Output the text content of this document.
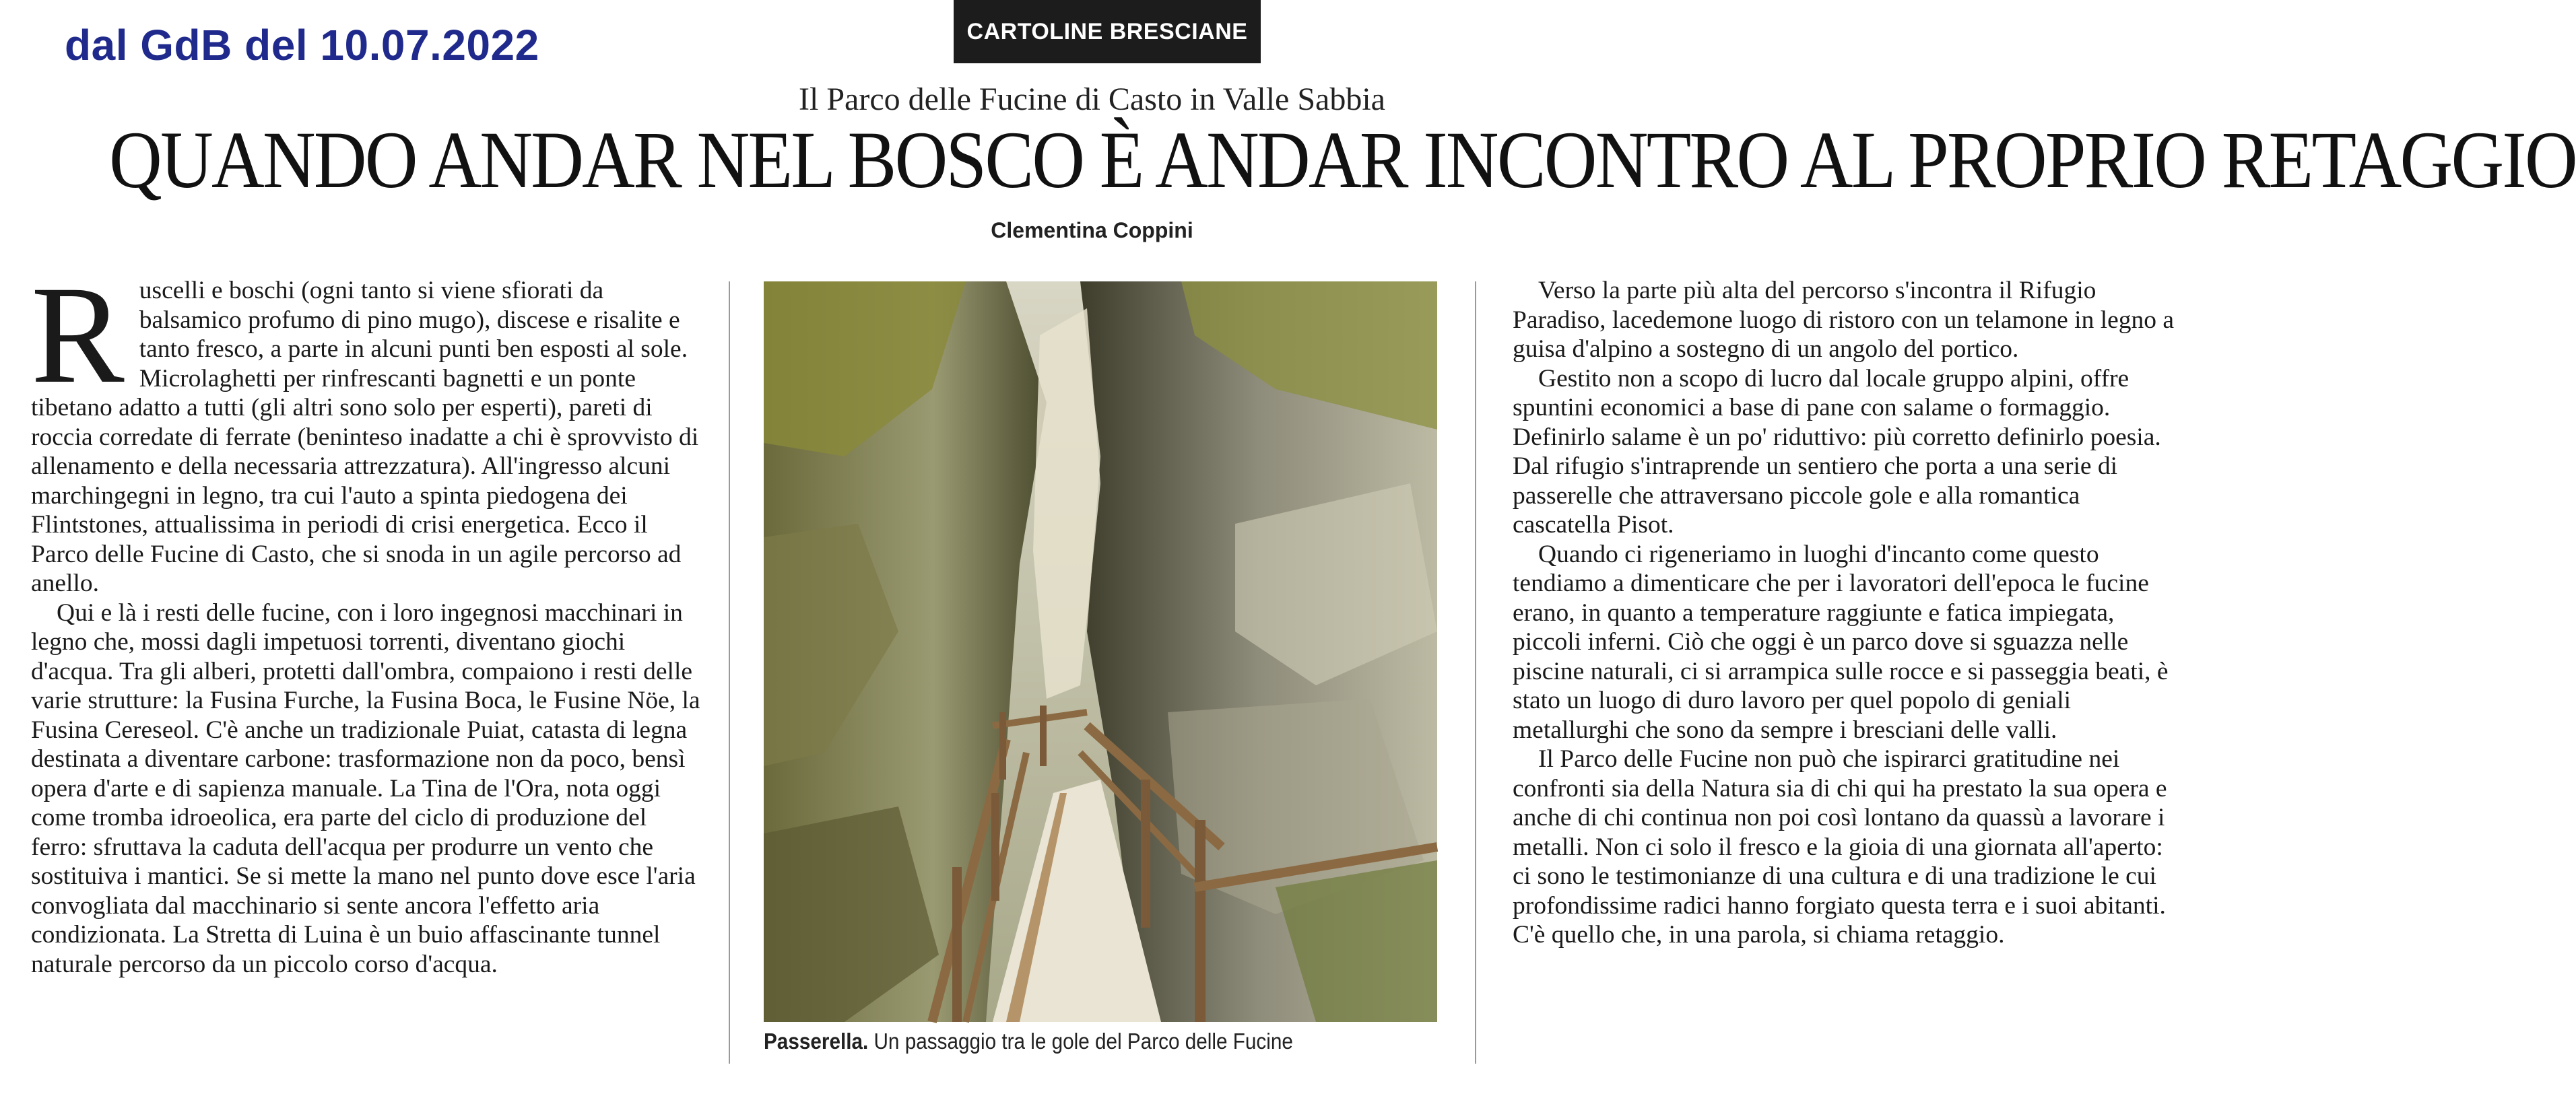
dal GdB del 10.07.2022	CARTOLINE BRESCIANE
Il Parco delle Fucine di Casto in Valle Sabbia
QUANDO ANDAR NEL BOSCO È ANDAR INCONTRO AL PROPRIO RETAGGIO
Clementina Coppini
R uscelli e boschi (ogni tanto si viene sfiorati da balsamico profumo di pino mugo), discese e risalite e tanto fresco, a parte in alcuni punti ben esposti al sole. Microlaghetti per rinfrescanti bagnetti e un ponte tibetano adatto a tutti (gli altri sono solo per esperti), pareti di roccia corredate di ferrate (beninteso inadatte a chi è sprovvisto di allenamento e della necessaria attrezzatura). All'ingresso alcuni marchingegni in legno, tra cui l'auto a spinta piedogena dei Flintstones, attualissima in periodi di crisi energetica. Ecco il Parco delle Fucine di Casto, che si snoda in un agile percorso ad anello.

Qui e là i resti delle fucine, con i loro ingegnosi macchinari in legno che, mossi dagli impetuosi torrenti, diventano giochi d'acqua. Tra gli alberi, protetti dall'ombra, compaiono i resti delle varie strutture: la Fusina Furche, la Fusina Boca, le Fusine Nöe, la Fusina Cereseol. C'è anche un tradizionale Puiat, catasta di legna destinata a diventare carbone: trasformazione non da poco, bensì opera d'arte e di sapienza manuale. La Tina de l'Ora, nota oggi come tromba idroeolica, era parte del ciclo di produzione del ferro: sfruttava la caduta dell'acqua per produrre un vento che sostituiva i mantici. Se si mette la mano nel punto dove esce l'aria convogliata dal macchinario si sente ancora l'effetto aria condizionata. La Stretta di Luina è un buio affascinante tunnel naturale percorso da un piccolo corso d'acqua.

Passerella. Un passaggio tra le gole del Parco delle Fucine

Verso la parte più alta del percorso s'incontra il Rifugio Paradiso, lacedemone luogo di ristoro con un telamone in legno a guisa d'alpino a sostegno di un angolo del portico.

Gestito non a scopo di lucro dal locale gruppo alpini, offre spuntini economici a base di pane con salame o formaggio. Definirlo salame è un po' riduttivo: più corretto definirlo poesia. Dal rifugio s'intraprende un sentiero che porta a una serie di passerelle che attraversano piccole gole e alla romantica cascatella Pisot.

Quando ci rigeneriamo in luoghi d'incanto come questo tendiamo a dimenticare che per i lavoratori dell'epoca le fucine erano, in quanto a temperature raggiunte e fatica impiegata, piccoli inferni. Ciò che oggi è un parco dove si sguazza nelle piscine naturali, ci si arrampica sulle rocce e si passeggia beati, è stato un luogo di duro lavoro per quel popolo di geniali metallurghi che sono da sempre i bresciani delle valli.

Il Parco delle Fucine non può che ispirarci gratitudine nei confronti sia della Natura sia di chi qui ha prestato la sua opera e anche di chi continua non poi così lontano da quassù a lavorare i metalli. Non ci solo il fresco e la gioia di una giornata all'aperto: ci sono le testimonianze di una cultura e di una tradizione le cui profondissime radici hanno forgiato questa terra e i suoi abitanti. C'è quello che, in una parola, si chiama retaggio.
